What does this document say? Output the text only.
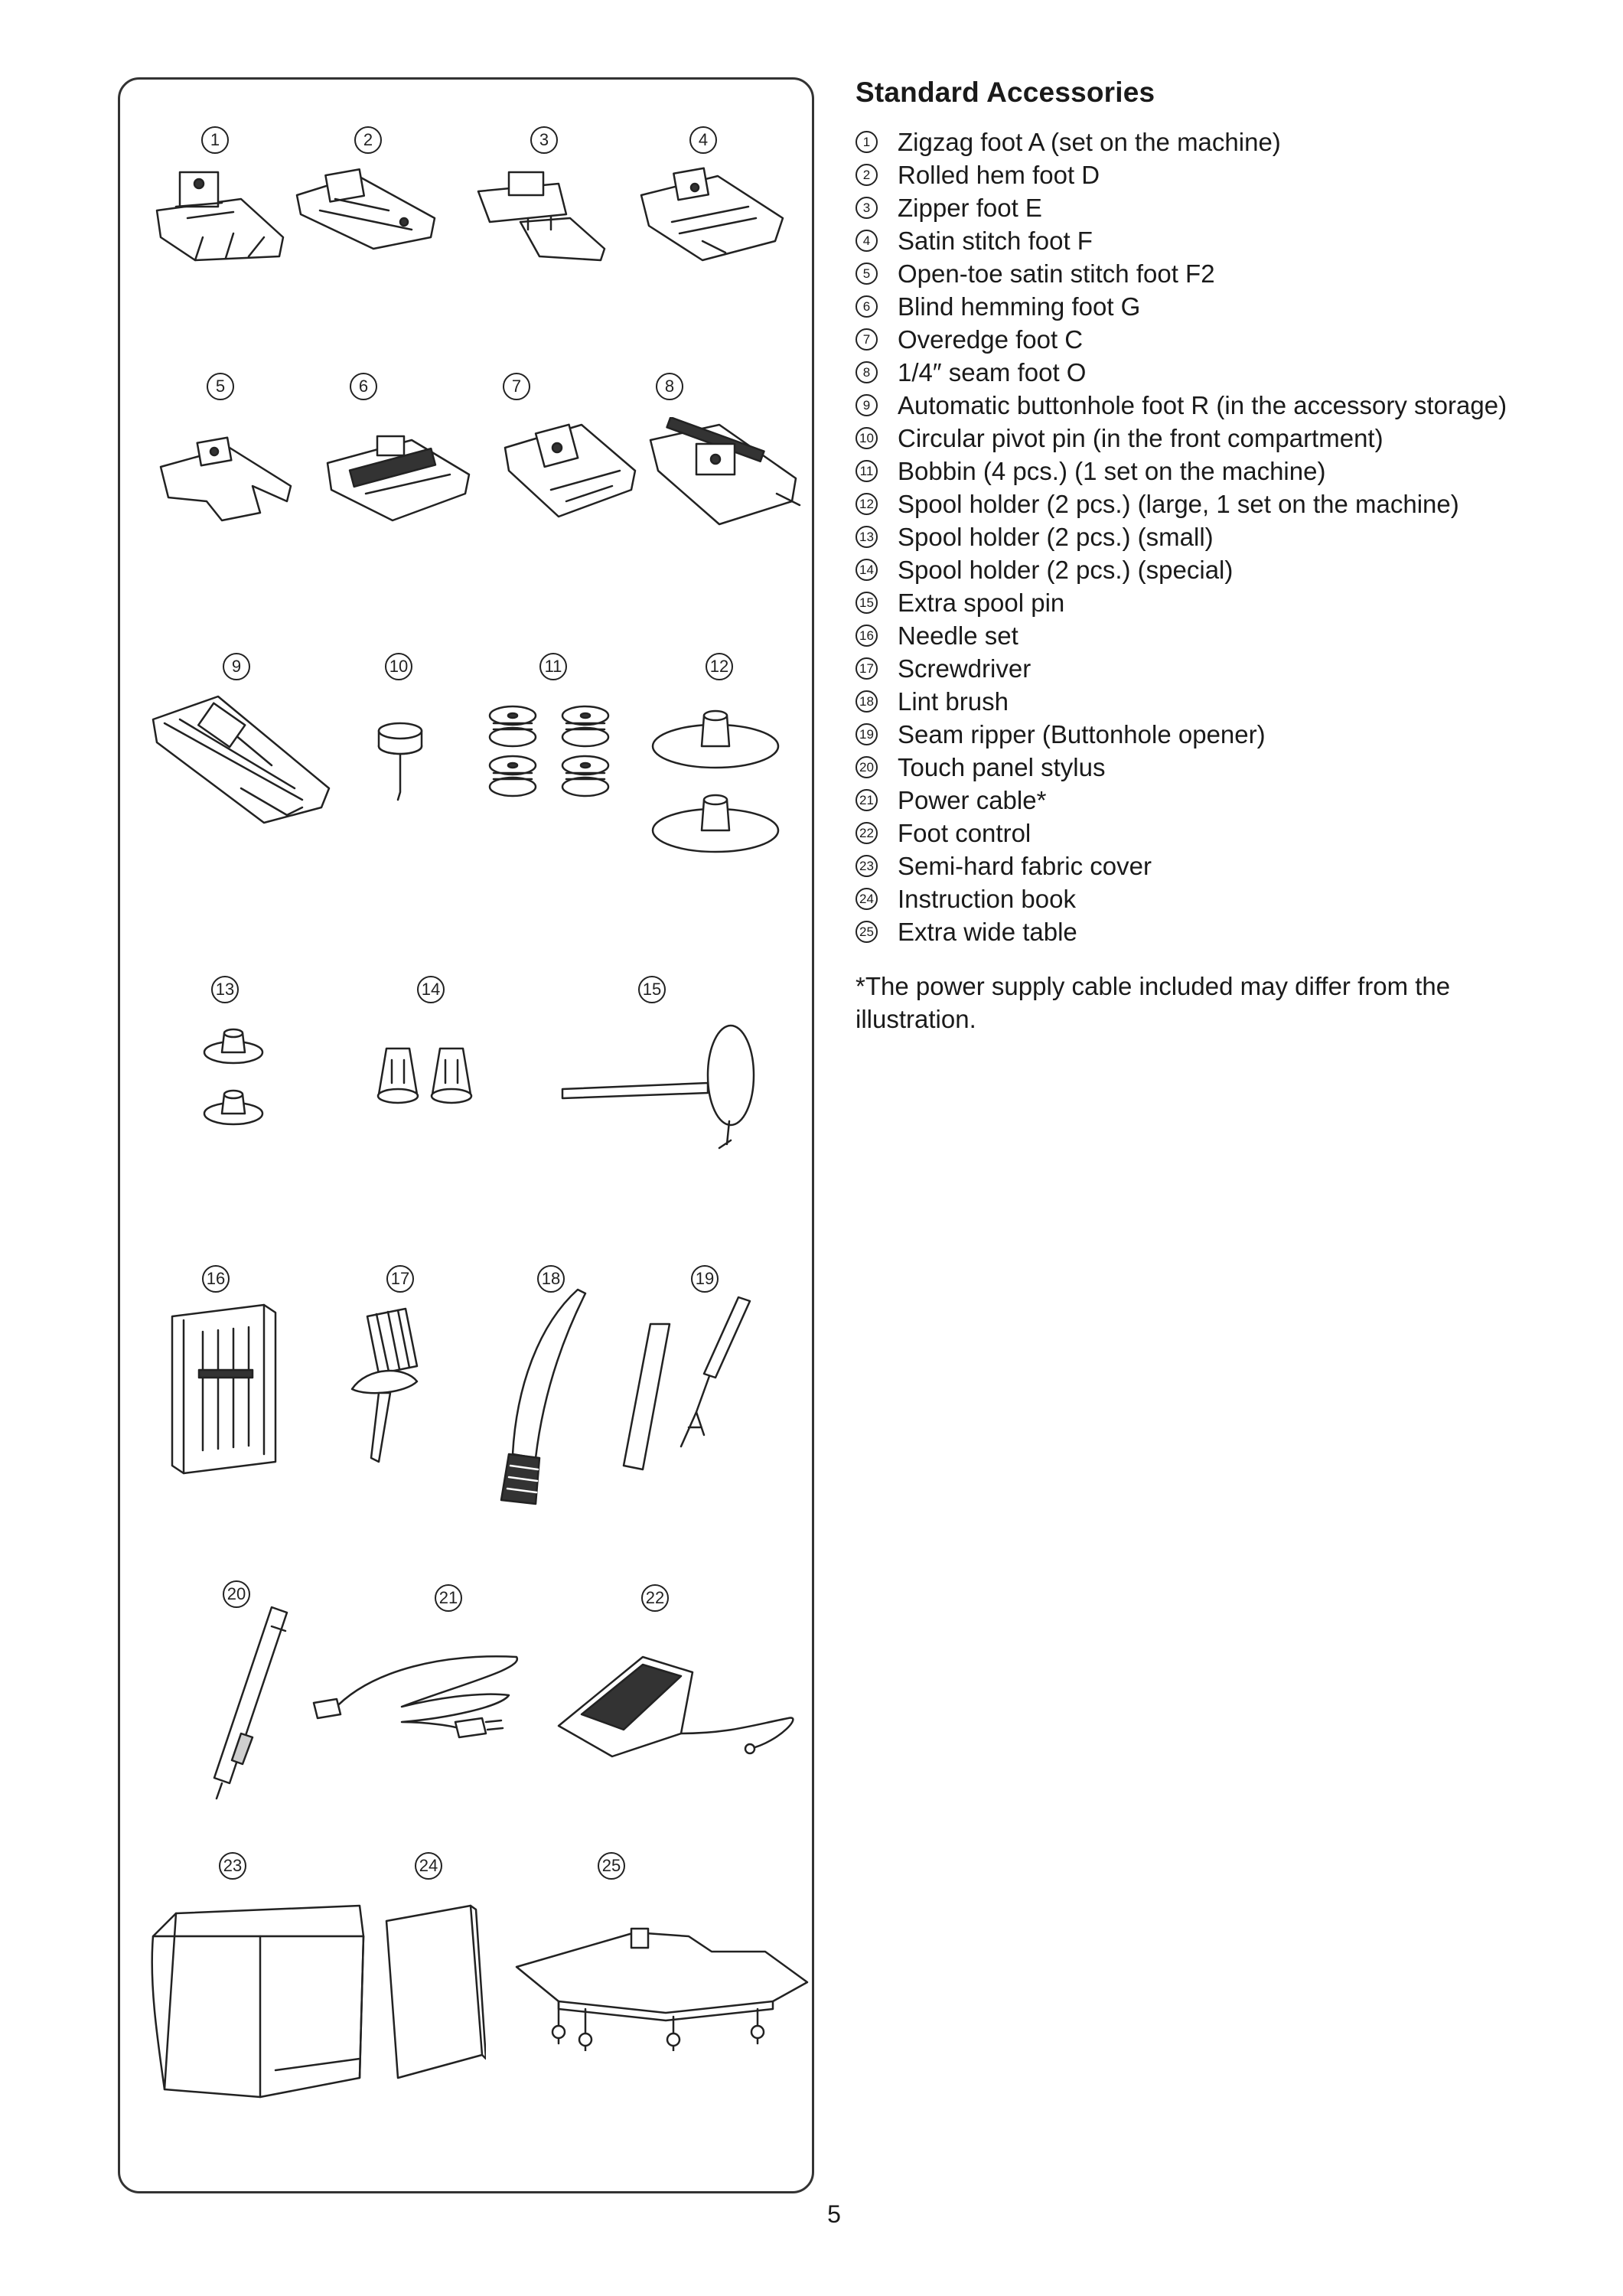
1	2	3	4
5	6	7	8
9	10	11	12
13	14	15
16	17	18	19
20	21	22
23	24	25
Standard Accessories
1 Zigzag foot A (set on the machine)
2 Rolled hem foot D
3 Zipper foot E
4 Satin stitch foot F
5 Open-toe satin stitch foot F2
6 Blind hemming foot G
7 Overedge foot C
8 1/4″ seam foot O
9 Automatic buttonhole foot R (in the accessory storage)
10 Circular pivot pin (in the front compartment)
11 Bobbin (4 pcs.) (1 set on the machine)
12 Spool holder (2 pcs.) (large, 1 set on the machine)
13 Spool holder (2 pcs.) (small)
14 Spool holder (2 pcs.) (special)
15 Extra spool pin
16 Needle set
17 Screwdriver
18 Lint brush
19 Seam ripper (Buttonhole opener)
20 Touch panel stylus
21 Power cable*
22 Foot control
23 Semi-hard fabric cover
24 Instruction book
25 Extra wide table

*The power supply cable included may differ from the illustration.

5
